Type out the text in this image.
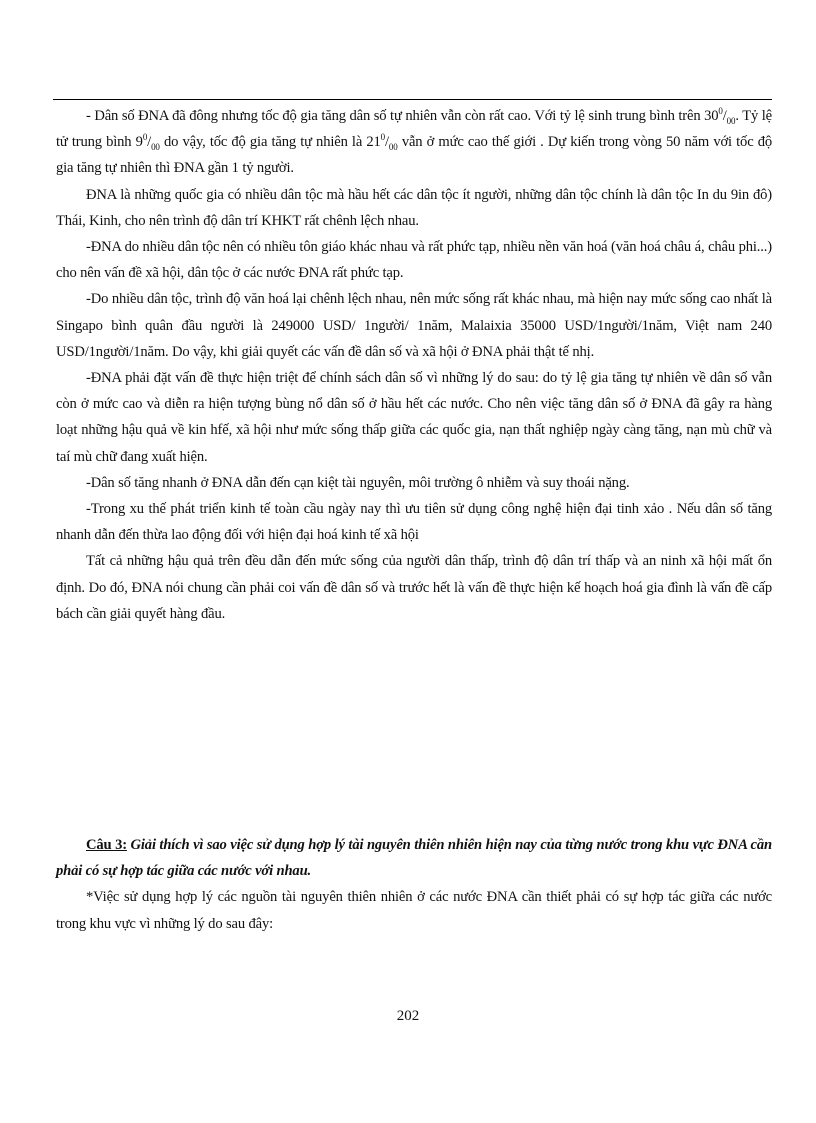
- Dân số ĐNA đã đông nhưng tốc độ gia tăng dân số tự nhiên vẫn còn rất cao. Với tỷ lệ sinh trung bình trên $30^0/_{00}$. Tỷ lệ tử trung bình $9^0/_{00}$ do vậy, tốc độ gia tăng tự nhiên là $21^0/_{00}$ vẫn ở mức cao thế giới . Dự kiến trong vòng 50 năm với tốc độ gia tăng tự nhiên thì ĐNA gần 1 tỷ người.

ĐNA là những quốc gia có nhiều dân tộc mà hầu hết các dân tộc ít người, những dân tộc chính là dân tộc In du 9in đô) Thái, Kinh, cho nên trình độ dân trí KHKT rất chênh lệch nhau.

-ĐNA do nhiều dân tộc nên có nhiều tôn giáo khác nhau và rất phức tạp, nhiều nền văn hoá (văn hoá châu á, châu phi...) cho nên vấn đề xã hội, dân tộc ở các nước ĐNA rất phức tạp.

-Do nhiều dân tộc, trình độ văn hoá lại chênh lệch nhau, nên mức sống rất khác nhau, mà hiện nay mức sống cao nhất là Singapo bình quân đầu người là 249000 USD/ 1người/ 1năm, Malaixia 35000 USD/1người/1năm, Việt nam 240 USD/1người/1năm. Do vậy, khi giải quyết các vấn đề dân số và xã hội ở ĐNA phải thật tế nhị.

-ĐNA phải đặt vấn đề thực hiện triệt để chính sách dân số vì những lý do sau: do tỷ lệ gia tăng tự nhiên về dân số vẫn còn ở mức cao và diễn ra hiện tượng bùng nổ dân số ở hầu hết các nước. Cho nên việc tăng dân số ở ĐNA đã gây ra hàng loạt những hậu quả về kin hfế, xã hội như mức sống thấp giữa các quốc gia, nạn thất nghiệp ngày càng tăng, nạn mù chữ và taí mù chữ đang xuất hiện.

-Dân số tăng nhanh ở ĐNA dẫn đến cạn kiệt tài nguyên, môi trường ô nhiễm và suy thoái nặng.

-Trong xu thế phát triển kinh tế toàn cầu ngày nay thì ưu tiên sử dụng công nghệ hiện đại tinh xảo . Nếu dân số tăng nhanh dẫn đến thừa lao động đối với hiện đại hoá kinh tế xã hội

Tất cả những hậu quả trên đều dẫn đến mức sống của người dân thấp, trình độ dân trí thấp và an ninh xã hội mất ổn định. Do đó, ĐNA nói chung cần phải coi vấn đề dân số và trước hết là vấn đề thực hiện kế hoạch hoá gia đình là vấn đề cấp bách cần giải quyết hàng đầu.

Câu 3: Giải thích vì sao việc sử dụng hợp lý tài nguyên thiên nhiên hiện nay của từng nước trong khu vực ĐNA cần phải có sự hợp tác giữa các nước với nhau.

*Việc sử dụng hợp lý các nguồn tài nguyên thiên nhiên ở các nước ĐNA cần thiết phải có sự hợp tác giữa các nước trong khu vực vì những lý do sau đây:

202
